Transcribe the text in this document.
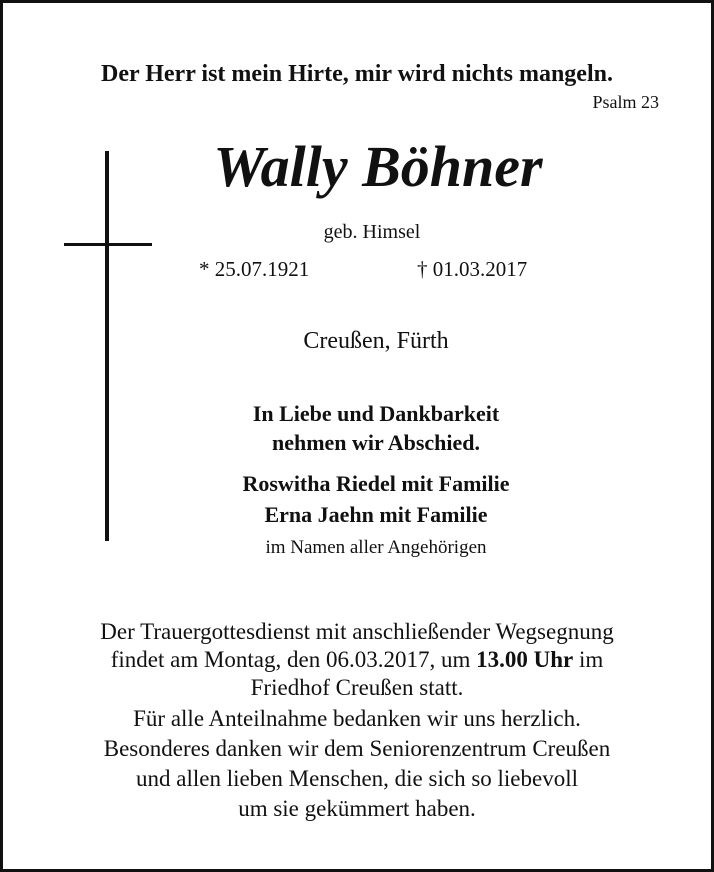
Der Herr ist mein Hirte, mir wird nichts mangeln.

Psalm 23

Wally Böhner

geb. Himsel

* 25.07.1921	† 01.03.2017

Creußen, Fürth

In Liebe und Dankbarkeit
nehmen wir Abschied.

Roswitha Riedel mit Familie

Erna Jaehn mit Familie

im Namen aller Angehörigen

Der Trauergottesdienst mit anschließender Wegsegnung

findet am Montag, den 06.03.2017, um 13.00 Uhr im

Friedhof Creußen statt.

Für alle Anteilnahme bedanken wir uns herzlich.

Besonderes danken wir dem Seniorenzentrum Creußen

und allen lieben Menschen, die sich so liebevoll

um sie gekümmert haben.
